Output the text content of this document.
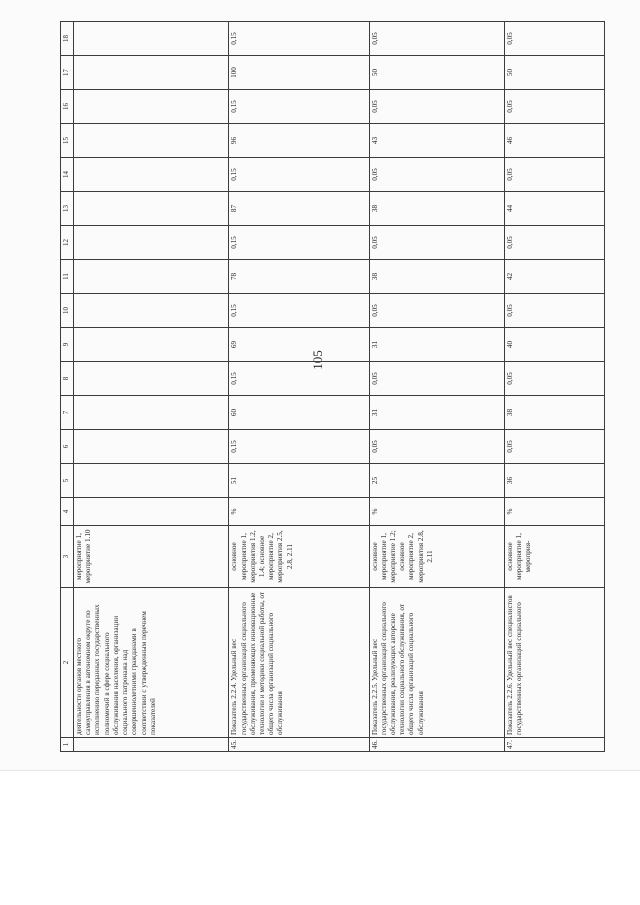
105
1	2	3	4	5	6	7	8	9	10	11	12	13	14	15	16	17	18
	деятельности органов местного самоуправления в автономном округе по исполнению переданных государственных полномочий в сфере социального обслуживания населения, организации социального патронажа над совершеннолетними гражданами в соответствии с утвержденным перечнем показателей	мероприятие 1, мероприятие 1.10															
45.	Показатель 2.2.4. Удельный вес государственных организаций социального обслуживания, применяющих инновационные технологии и методики социальной работы, от общего числа организаций социального обслуживания	основное мероприятие 1, мероприятия 1.2, 1.4; основное мероприятие 2, мероприятия 2.5, 2.8, 2.11	%	51	0,15	60	0,15	69	0,15	78	0,15	87	0,15	96	0,15	100	0,15
46.	Показатель 2.2.5. Удельный вес государственных организаций социального обслуживания, реализующих авторские технологии социального обслуживания, от общего числа организаций социального обслуживания	основное мероприятие 1, мероприятие 1.2; основное мероприятие 2, мероприятия 2.8, 2.11	%	25	0,05	31	0,05	31	0,05	38	0,05	38	0,05	43	0,05	50	0,05
47.	Показатель 2.2.6. Удельный вес специалистов государственных организаций социального	основное мероприятие 1, мероприя-	%	36	0,05	38	0,05	40	0,05	42	0,05	44	0,05	46	0,05	50	0,05
